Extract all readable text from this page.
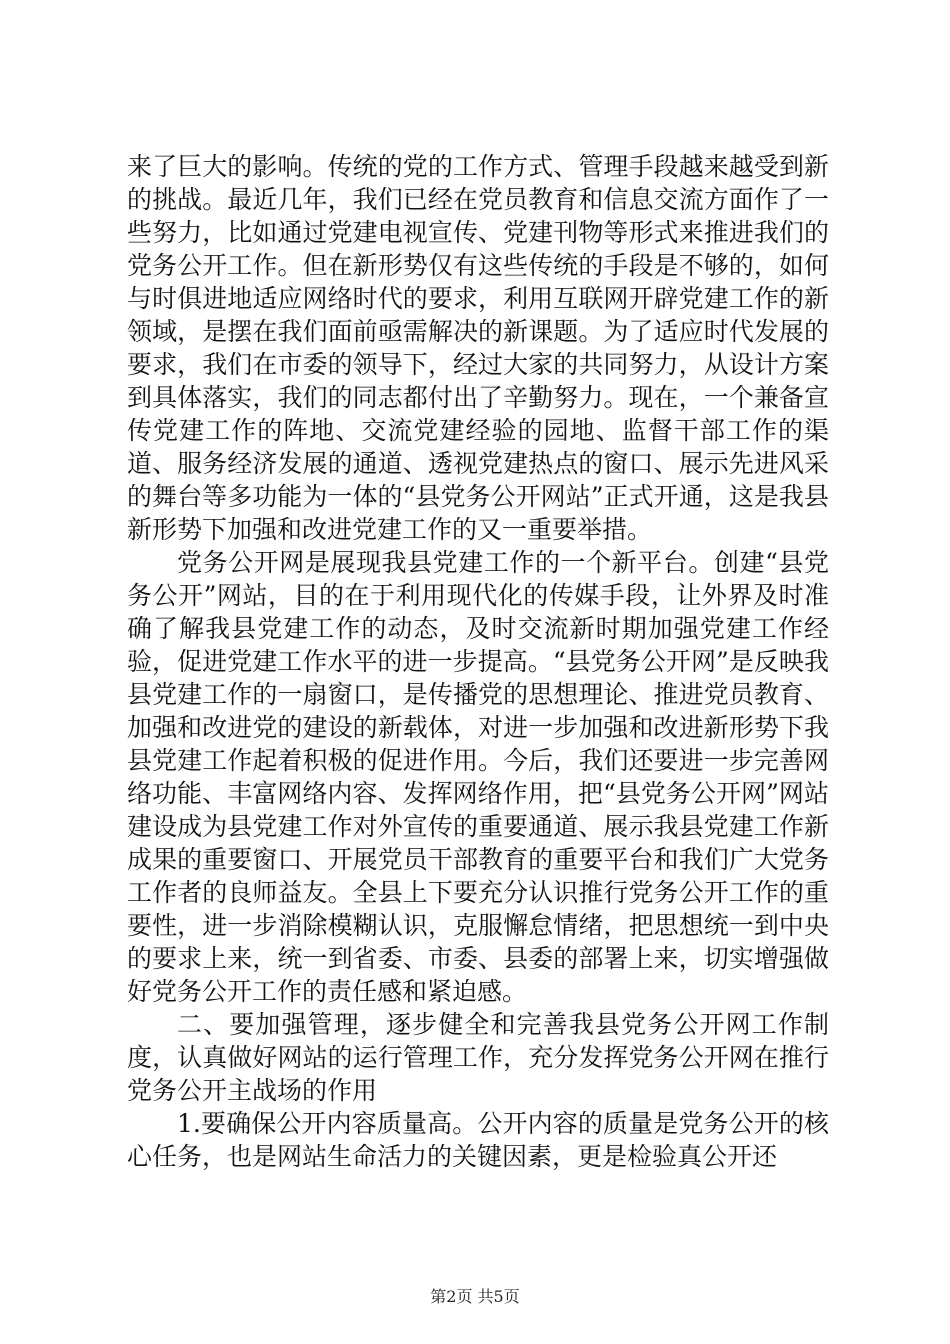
来了巨大的影响。传统的党的工作方式、管理手段越来越受到新的挑战。最近几年，我们已经在党员教育和信息交流方面作了一些努力，比如通过党建电视宣传、党建刊物等形式来推进我们的党务公开工作。但在新形势仅有这些传统的手段是不够的，如何与时俱进地适应网络时代的要求，利用互联网开辟党建工作的新领域，是摆在我们面前亟需解决的新课题。为了适应时代发展的要求，我们在市委的领导下，经过大家的共同努力，从设计方案到具体落实，我们的同志都付出了辛勤努力。现在，一个兼备宣传党建工作的阵地、交流党建经验的园地、监督干部工作的渠道、服务经济发展的通道、透视党建热点的窗口、展示先进风采的舞台等多功能为一体的“县党务公开网站”正式开通，这是我县新形势下加强和改进党建工作的又一重要举措。

党务公开网是展现我县党建工作的一个新平台。创建“县党务公开”网站，目的在于利用现代化的传媒手段，让外界及时准确了解我县党建工作的动态，及时交流新时期加强党建工作经验，促进党建工作水平的进一步提高。“县党务公开网”是反映我县党建工作的一扇窗口，是传播党的思想理论、推进党员教育、加强和改进党的建设的新载体，对进一步加强和改进新形势下我县党建工作起着积极的促进作用。今后，我们还要进一步完善网络功能、丰富网络内容、发挥网络作用，把“县党务公开网”网站建设成为县党建工作对外宣传的重要通道、展示我县党建工作新成果的重要窗口、开展党员干部教育的重要平台和我们广大党务工作者的良师益友。全县上下要充分认识推行党务公开工作的重要性，进一步消除模糊认识，克服懈怠情绪，把思想统一到中央的要求上来，统一到省委、市委、县委的部署上来，切实增强做好党务公开工作的责任感和紧迫感。

二、要加强管理，逐步健全和完善我县党务公开网工作制度，认真做好网站的运行管理工作，充分发挥党务公开网在推行党务公开主战场的作用

1.要确保公开内容质量高。公开内容的质量是党务公开的核心任务，也是网站生命活力的关键因素，更是检验真公开还

第2页 共5页
